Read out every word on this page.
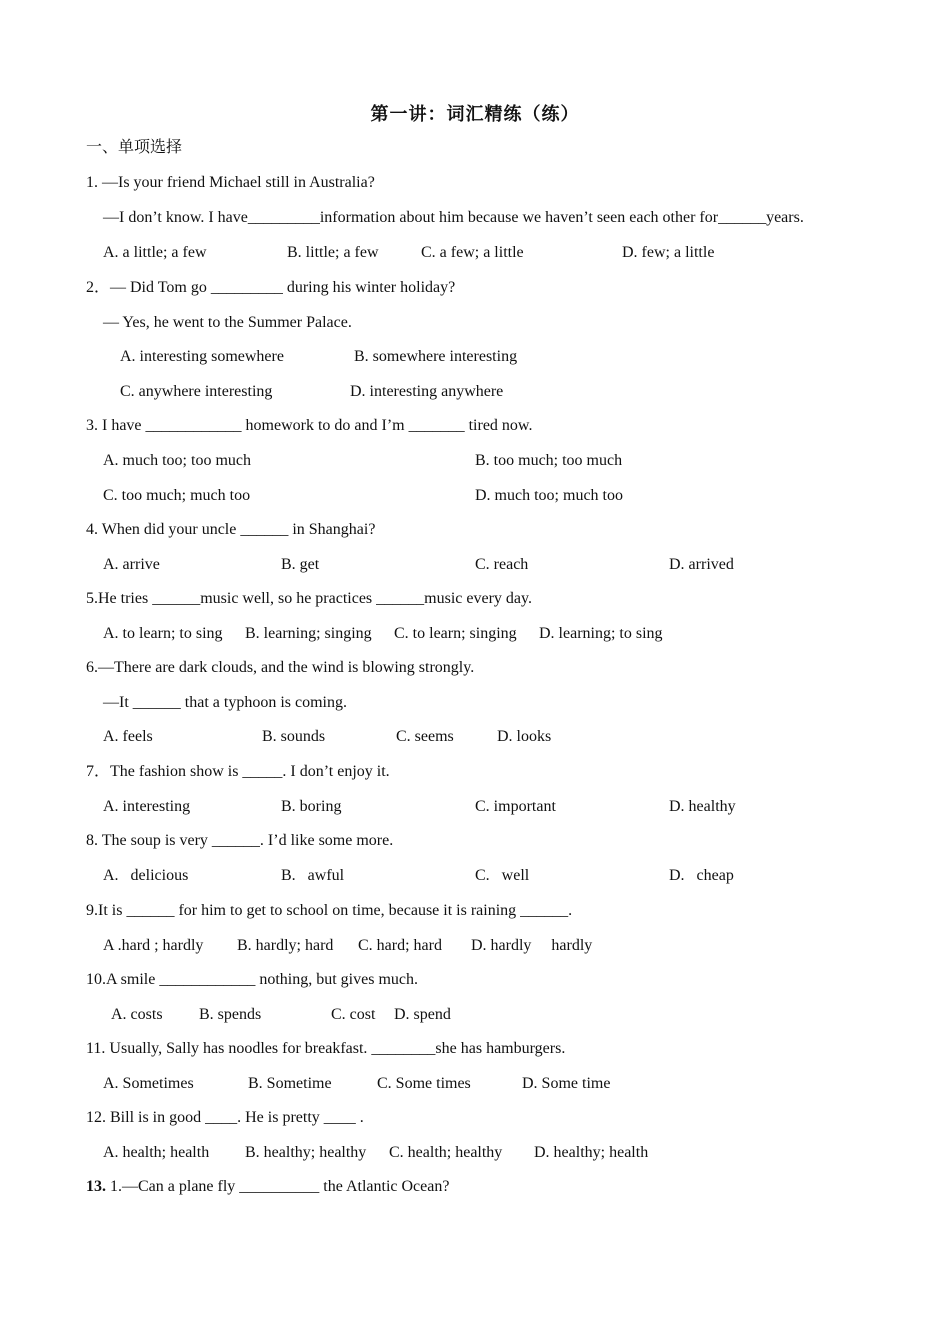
第一讲：词汇精练（练）
一、单项选择
1. —Is your friend Michael still in Australia?
—I don’t know. I have_________information about him because we haven’t seen each other for______years.
A. a little; a few	B. little; a few	C. a few; a little	D. few; a little
2．— Did Tom go _________ during his winter holiday?
— Yes, he went to the Summer Palace.
A. interesting somewhere	B. somewhere interesting
C. anywhere interesting	D. interesting anywhere
3. I have ____________ homework to do and I’m _______ tired now.
A. much too; too much	B. too much; too much
C. too much; much too	D. much too; much too
4. When did your uncle ______ in Shanghai?
A. arrive	B. get	C. reach	D. arrived
5.He tries ______music well, so he practices ______music every day.
A. to learn; to sing B. learning; singing C. to learn; singing D. learning; to sing
6.—There are dark clouds, and the wind is blowing strongly.
—It ______ that a typhoon is coming.
A. feels	B. sounds	C. seems	D. looks
7．The fashion show is _____. I don’t enjoy it.
A. interesting	B. boring	C. important	D. healthy
8. The soup is very ______. I’d like some more.
A.   delicious	B.   awful	C.   well	D.   cheap
9.It is ______ for him to get to school on time, because it is raining ______.
A .hard ; hardly B. hardly; hard C. hard; hard D. hardly     hardly
10.A smile ____________ nothing, but gives much.
A. costs B. spends	C. cost D. spend
11. Usually, Sally has noodles for breakfast. ________she has hamburgers.
A. Sometimes	B. Sometime	C. Some times	D. Some time
12. Bill is in good ____. He is pretty ____ .
A. health; health B. healthy; healthy C. health; healthy D. healthy; health
13. 1.—Can a plane fly __________ the Atlantic Ocean?
